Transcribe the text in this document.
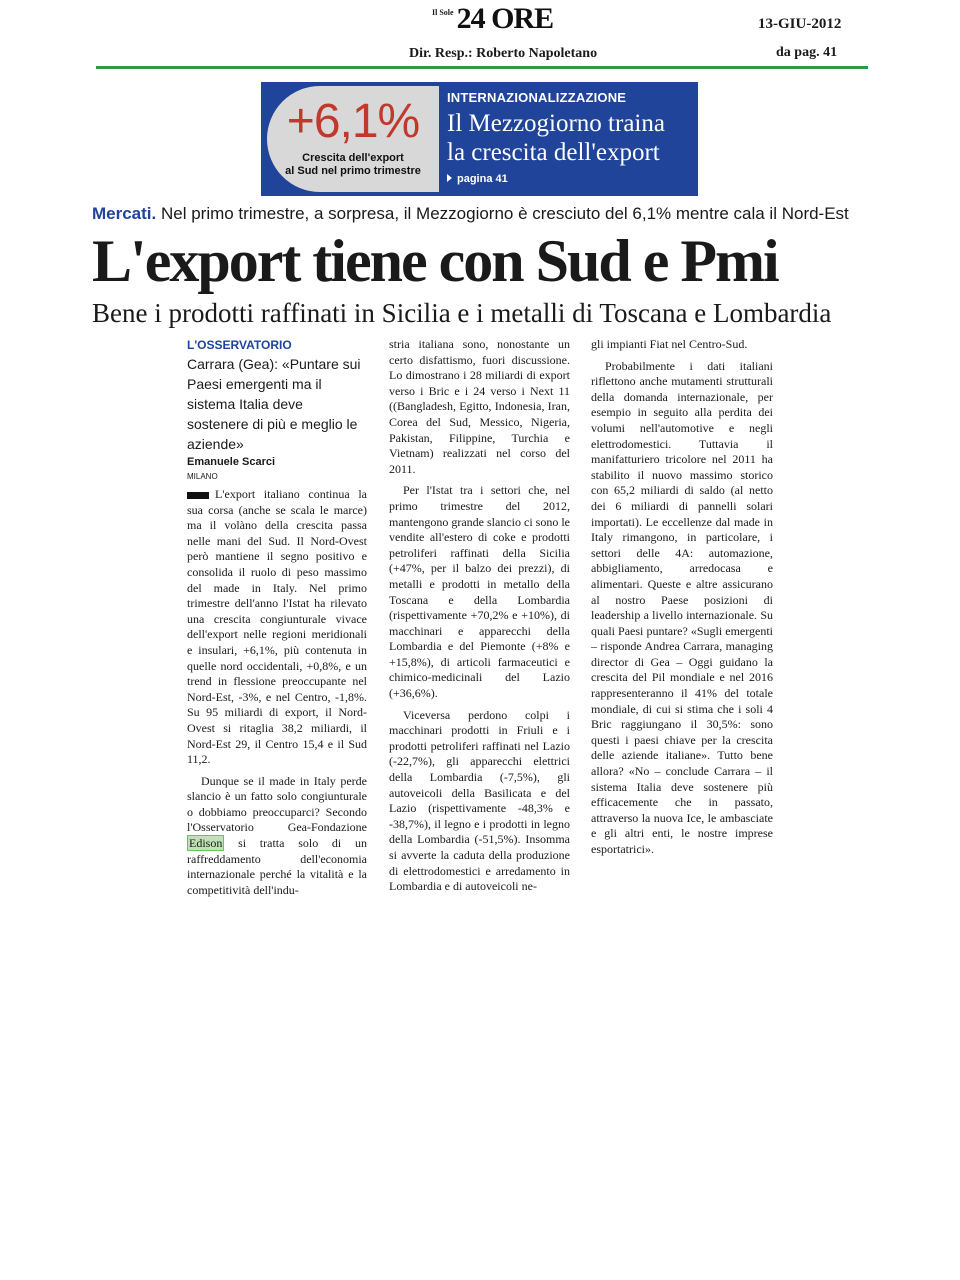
Il Sole 24 ORE	13-GIU-2012
Dir. Resp.: Roberto Napoletano	da pag. 41
+6,1%
Crescita dell'export
al Sud nel primo trimestre
INTERNAZIONALIZZAZIONE
Il Mezzogiorno traina
la crescita dell'export
pagina 41
Mercati. Nel primo trimestre, a sorpresa, il Mezzogiorno è cresciuto del 6,1% mentre cala il Nord-Est
L'export tiene con Sud e Pmi
Bene i prodotti raffinati in Sicilia e i metalli di Toscana e Lombardia
L'OSSERVATORIO
Carrara (Gea): «Puntare sui Paesi emergenti ma il sistema Italia deve sostenere di più e meglio le aziende»
Emanuele Scarci
MILANO

L'export italiano continua la sua corsa (anche se scala le marce) ma il volàno della crescita passa nelle mani del Sud. Il Nord-Ovest però mantiene il segno positivo e consolida il ruolo di peso massimo del made in Italy. Nel primo trimestre dell'anno l'Istat ha rilevato una crescita congiunturale vivace dell'export nelle regioni meridionali e insulari, +6,1%, più contenuta in quelle nord occidentali, +0,8%, e un trend in flessione preoccupante nel Nord-Est, -3%, e nel Centro, -1,8%. Su 95 miliardi di export, il Nord-Ovest si ritaglia 38,2 miliardi, il Nord-Est 29, il Centro 15,4 e il Sud 11,2.

Dunque se il made in Italy perde slancio è un fatto solo congiunturale o dobbiamo preoccuparci? Secondo l'Osservatorio Gea-Fondazione Edison si tratta solo di un raffreddamento dell'economia internazionale perché la vitalità e la competitività dell'indu-

stria italiana sono, nonostante un certo disfattismo, fuori discussione. Lo dimostrano i 28 miliardi di export verso i Bric e i 24 verso i Next 11 ((Bangladesh, Egitto, Indonesia, Iran, Corea del Sud, Messico, Nigeria, Pakistan, Filippine, Turchia e Vietnam) realizzati nel corso del 2011.

Per l'Istat tra i settori che, nel primo trimestre del 2012, mantengono grande slancio ci sono le vendite all'estero di coke e prodotti petroliferi raffinati della Sicilia (+47%, per il balzo dei prezzi), di metalli e prodotti in metallo della Toscana e della Lombardia (rispettivamente +70,2% e +10%), di macchinari e apparecchi della Lombardia e del Piemonte (+8% e +15,8%), di articoli farmaceutici e chimico-medicinali del Lazio (+36,6%).

Viceversa perdono colpi i macchinari prodotti in Friuli e i prodotti petroliferi raffinati nel Lazio (-22,7%), gli apparecchi elettrici della Lombardia (-7,5%), gli autoveicoli della Basilicata e del Lazio (rispettivamente -48,3% e -38,7%), il legno e i prodotti in legno della Lombardia (-51,5%). Insomma si avverte la caduta della produzione di elettrodomestici e arredamento in Lombardia e di autoveicoli ne-

gli impianti Fiat nel Centro-Sud.

Probabilmente i dati italiani riflettono anche mutamenti strutturali della domanda internazionale, per esempio in seguito alla perdita dei volumi nell'automotive e negli elettrodomestici. Tuttavia il manifatturiero tricolore nel 2011 ha stabilito il nuovo massimo storico con 65,2 miliardi di saldo (al netto dei 6 miliardi di pannelli solari importati). Le eccellenze dal made in Italy rimangono, in particolare, i settori delle 4A: automazione, abbigliamento, arredocasa e alimentari. Queste e altre assicurano al nostro Paese posizioni di leadership a livello internazionale. Su quali Paesi puntare? «Sugli emergenti – risponde Andrea Carrara, managing director di Gea – Oggi guidano la crescita del Pil mondiale e nel 2016 rappresenteranno il 41% del totale mondiale, di cui si stima che i soli 4 Bric raggiungano il 30,5%: sono questi i paesi chiave per la crescita delle aziende italiane». Tutto bene allora? «No – conclude Carrara – il sistema Italia deve sostenere più efficacemente che in passato, attraverso la nuova Ice, le ambasciate e gli altri enti, le nostre imprese esportatrici».
